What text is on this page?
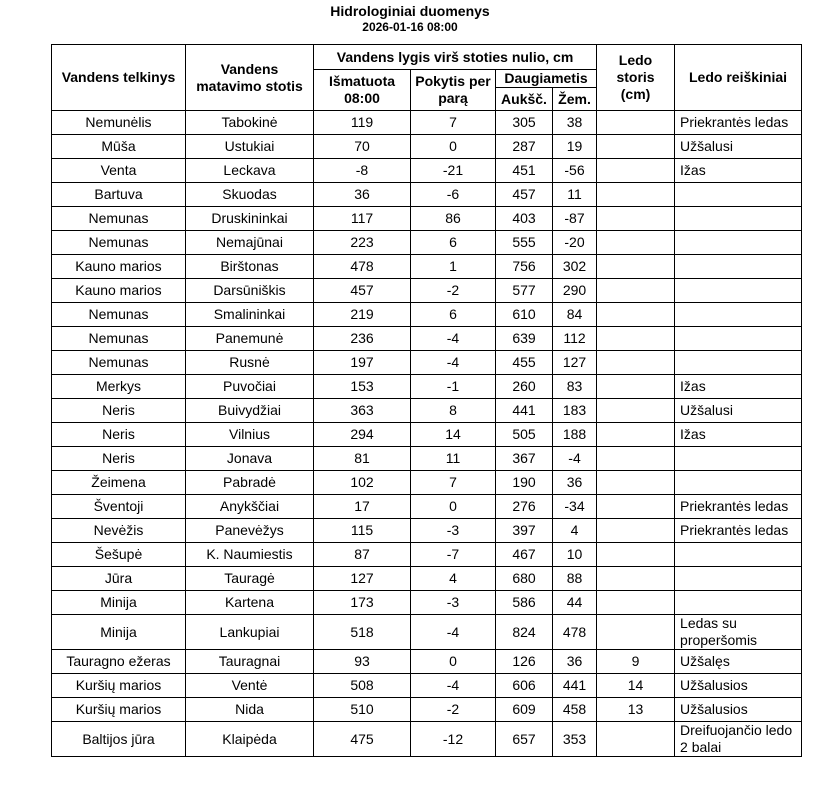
Hidrologiniai duomenys
2026-01-16 08:00
Vandens telkinys	Vandens matavimo stotis	Vandens lygis virš stoties nulio, cm				Ledo storis (cm)	Ledo reiškiniai
		Išmatuota 08:00	Pokytis per parą	Daugiametis			
				Aukšč.	Žem.		
Nemunėlis	Tabokinė	119	7	305	38		Priekrantės ledas
Mūša	Ustukiai	70	0	287	19		Užšalusi
Venta	Leckava	-8	-21	451	-56		Ižas
Bartuva	Skuodas	36	-6	457	11		
Nemunas	Druskininkai	117	86	403	-87		
Nemunas	Nemajūnai	223	6	555	-20		
Kauno marios	Birštonas	478	1	756	302		
Kauno marios	Darsūniškis	457	-2	577	290		
Nemunas	Smalininkai	219	6	610	84		
Nemunas	Panemunė	236	-4	639	112		
Nemunas	Rusnė	197	-4	455	127		
Merkys	Puvočiai	153	-1	260	83		Ižas
Neris	Buivydžiai	363	8	441	183		Užšalusi
Neris	Vilnius	294	14	505	188		Ižas
Neris	Jonava	81	11	367	-4		
Žeimena	Pabradė	102	7	190	36		
Šventoji	Anykščiai	17	0	276	-34		Priekrantės ledas
Nevėžis	Panevėžys	115	-3	397	4		Priekrantės ledas
Šešupė	K. Naumiestis	87	-7	467	10		
Jūra	Tauragė	127	4	680	88		
Minija	Kartena	173	-3	586	44		
Minija	Lankupiai	518	-4	824	478		Ledas su properšomis
Tauragno ežeras	Tauragnai	93	0	126	36	9	Užšalęs
Kuršių marios	Ventė	508	-4	606	441	14	Užšalusios
Kuršių marios	Nida	510	-2	609	458	13	Užšalusios
Baltijos jūra	Klaipėda	475	-12	657	353		Dreifuojančio ledo 2 balai
